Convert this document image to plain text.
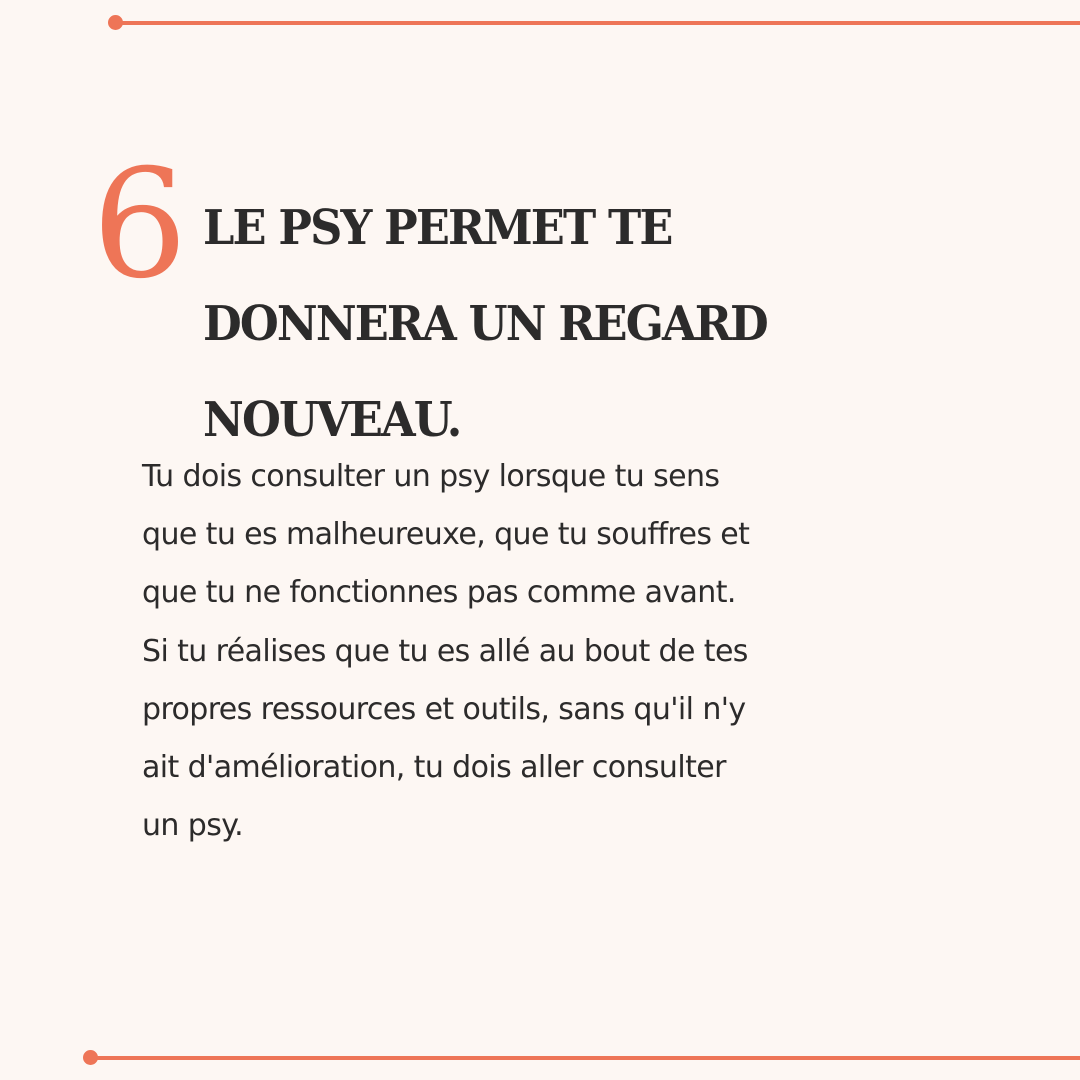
6 LE PSY PERMET TE DONNERA UN REGARD NOUVEAU.

Tu dois consulter un psy lorsque tu sens
que tu es malheureuxe, que tu souffres et
que tu ne fonctionnes pas comme avant.
Si tu réalises que tu es allé au bout de tes
propres ressources et outils, sans qu'il n'y
ait d'amélioration, tu dois aller consulter
un psy.
